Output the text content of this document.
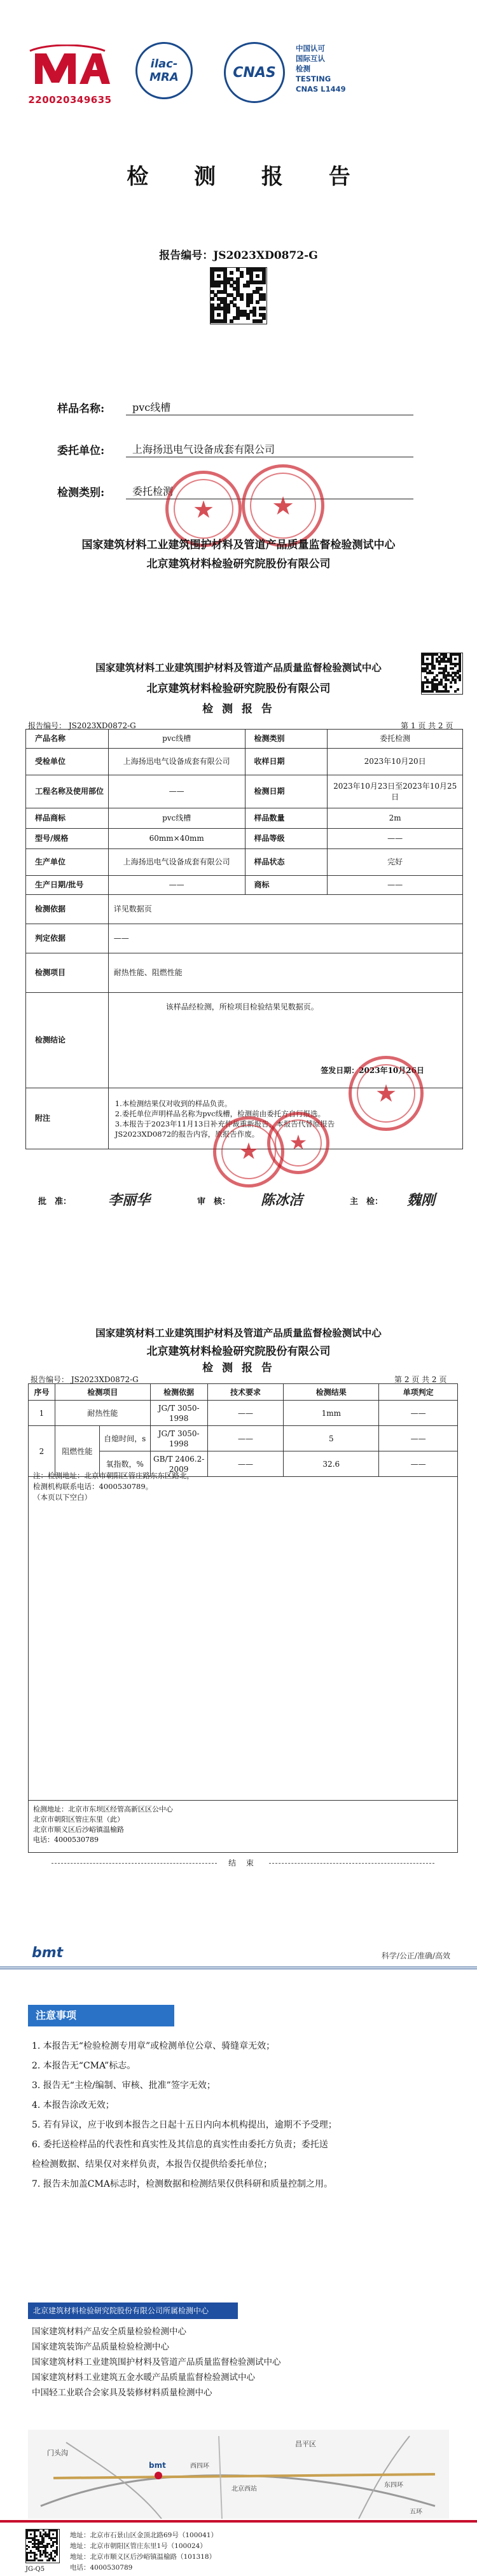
220020349635
ilac-MRA	CNAS
中国认可
国际互认
检测
TESTING
CNAS L1449
检 测 报 告
报告编号：JS2023XD0872-G
样品名称:	pvc线槽
委托单位:	上海扬迅电气设备成套有限公司
检测类别:	委托检测
★	★
国家建筑材料工业建筑围护材料及管道产品质量监督检验测试中心
北京建筑材料检验研究院股份有限公司
国家建筑材料工业建筑围护材料及管道产品质量监督检验测试中心
北京建筑材料检验研究院股份有限公司
检 测 报 告
第 1 页 共 2 页
报告编号： JS2023XD0872-G
产品名称	pvc线槽	检测类别	委托检测
受检单位	上海扬迅电气设备成套有限公司	收样日期	2023年10月20日
工程名称及使用部位	——	检测日期	2023年10月23日至2023年10月25日
样品商标	pvc线槽	样品数量	2m
型号/规格	60mm×40mm	样品等级	——
生产单位	上海扬迅电气设备成套有限公司	样品状态	完好
生产日期/批号	——	商标	——
检测依据	详见数据页		
判定依据	——		
检测项目	耐热性能、阻燃性能		
检测结论	该样品经检测，所检项目检验结果见数据页。
签发日期：2023年10月26日		

附注	1.本检测结果仅对收到的样品负责。
2.委托单位声明样品名称为pvc线槽，检测前由委托方自行报选。
3.本报告于2023年11月13日补充仲裁重新报告，本报告代替原报告
JS2023XD0872的报告内容，原报告作废。		
★
★	★
批　准：	李丽华	审　核： 陈冰洁	主　检： 魏刚
国家建筑材料工业建筑围护材料及管道产品质量监督检验测试中心
北京建筑材料检验研究院股份有限公司
检 测 报 告
报告编号： JS2023XD0872-G	第 2 页 共 2 页
序号	检测项目		检测依据	技术要求	检测结果	单项判定
1	耐热性能		JG/T 3050-1998	——	1mm	——
2	阻燃性能	自熄时间，s	JG/T 3050-1998	——	5	——
		氧指数，%	GB/T 2406.2-2009	——	32.6	——
注：检测地址：北京市朝阳区管庄路东东区路北，
检测机构联系电话：4000530789。
（本页以下空白）
检测地址：北京市东坝区经管高新区区公中心
北京市朝阳区管庄东里（此）
北京市顺义区后沙峪镇温榆路
电话：4000530789
结 束
bmt	科学/公正/准确/高效
注意事项
1. 本报告无“检验检测专用章”或检测单位公章、骑缝章无效；
2. 本报告无“CMA”标志。
3. 报告无“主检/编制、审核、批准”签字无效；
4. 本报告涂改无效；
5. 若有异议，应于收到本报告之日起十五日内向本机构提出，逾期不予受理；
6. 委托送检样品的代表性和真实性及其信息的真实性由委托方负责；委托送
检检测数据、结果仅对来样负责，本报告仅提供给委托单位；
7. 报告未加盖CMA标志时，检测数据和检测结果仅供科研和质量控制之用。
北京建筑材料检验研究院股份有限公司所属检测中心
国家建筑材料产品安全质量检验检测中心
国家建筑装饰产品质量检验检测中心
国家建筑材料工业建筑围护材料及管道产品质量监督检验测试中心
国家建筑材料工业建筑五金水暖产品质量监督检验测试中心
中国轻工业联合会家具及装修材料质量检测中心
门头沟
昌平区
西四环
北京西站
bmt
东四环
五环
地址：北京市石景山区金顶北路69号（100041）
地址：北京市朝阳区管庄东里1号（100024）
地址：北京市顺义区后沙峪镇温榆路（101318）
电话：4000530789
JG-Q5
